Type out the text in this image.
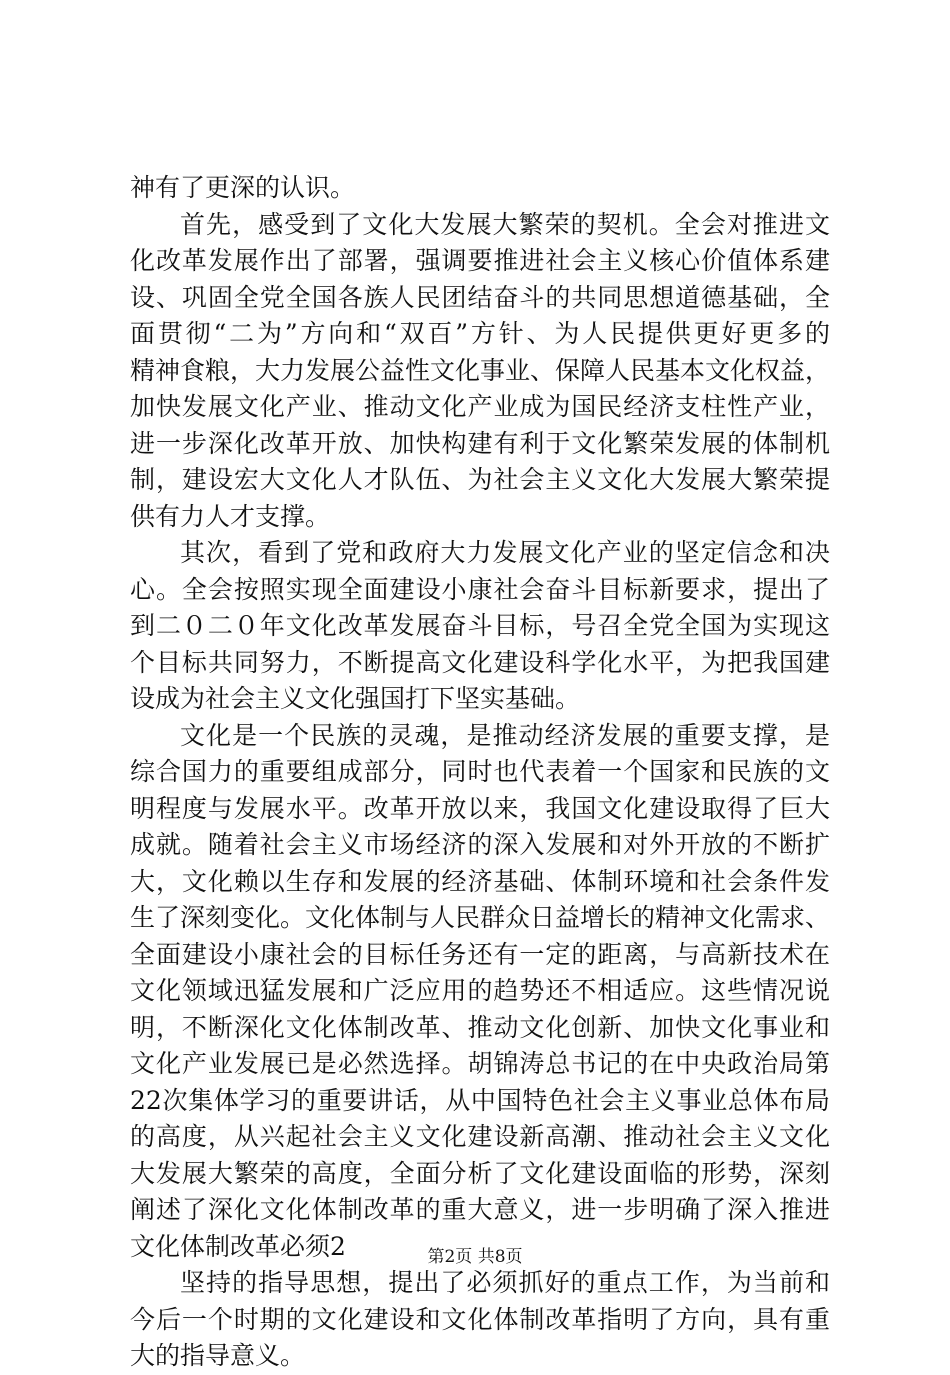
神有了更深的认识。
首先，感受到了文化大发展大繁荣的契机。全会对推进文
化改革发展作出了部署，强调要推进社会主义核心价值体系建
设、巩固全党全国各族人民团结奋斗的共同思想道德基础，全
面贯彻“二为”方向和“双百”方针、为人民提供更好更多的
精神食粮，大力发展公益性文化事业、保障人民基本文化权益，
加快发展文化产业、推动文化产业成为国民经济支柱性产业，
进一步深化改革开放、加快构建有利于文化繁荣发展的体制机
制，建设宏大文化人才队伍、为社会主义文化大发展大繁荣提
供有力人才支撑。
其次，看到了党和政府大力发展文化产业的坚定信念和决
心。全会按照实现全面建设小康社会奋斗目标新要求，提出了
到二０二０年文化改革发展奋斗目标，号召全党全国为实现这
个目标共同努力，不断提高文化建设科学化水平，为把我国建
设成为社会主义文化强国打下坚实基础。
文化是一个民族的灵魂，是推动经济发展的重要支撑，是
综合国力的重要组成部分，同时也代表着一个国家和民族的文
明程度与发展水平。改革开放以来，我国文化建设取得了巨大
成就。随着社会主义市场经济的深入发展和对外开放的不断扩
大，文化赖以生存和发展的经济基础、体制环境和社会条件发
生了深刻变化。文化体制与人民群众日益增长的精神文化需求、
全面建设小康社会的目标任务还有一定的距离，与高新技术在
文化领域迅猛发展和广泛应用的趋势还不相适应。这些情况说
明，不断深化文化体制改革、推动文化创新、加快文化事业和
文化产业发展已是必然选择。胡锦涛总书记的在中央政治局第
22次集体学习的重要讲话，从中国特色社会主义事业总体布局
的高度，从兴起社会主义文化建设新高潮、推动社会主义文化
大发展大繁荣的高度，全面分析了文化建设面临的形势，深刻
阐述了深化文化体制改革的重大意义，进一步明确了深入推进
文化体制改革必须2
坚持的指导思想，提出了必须抓好的重点工作，为当前和
今后一个时期的文化建设和文化体制改革指明了方向，具有重
大的指导意义。
第2页 共8页
